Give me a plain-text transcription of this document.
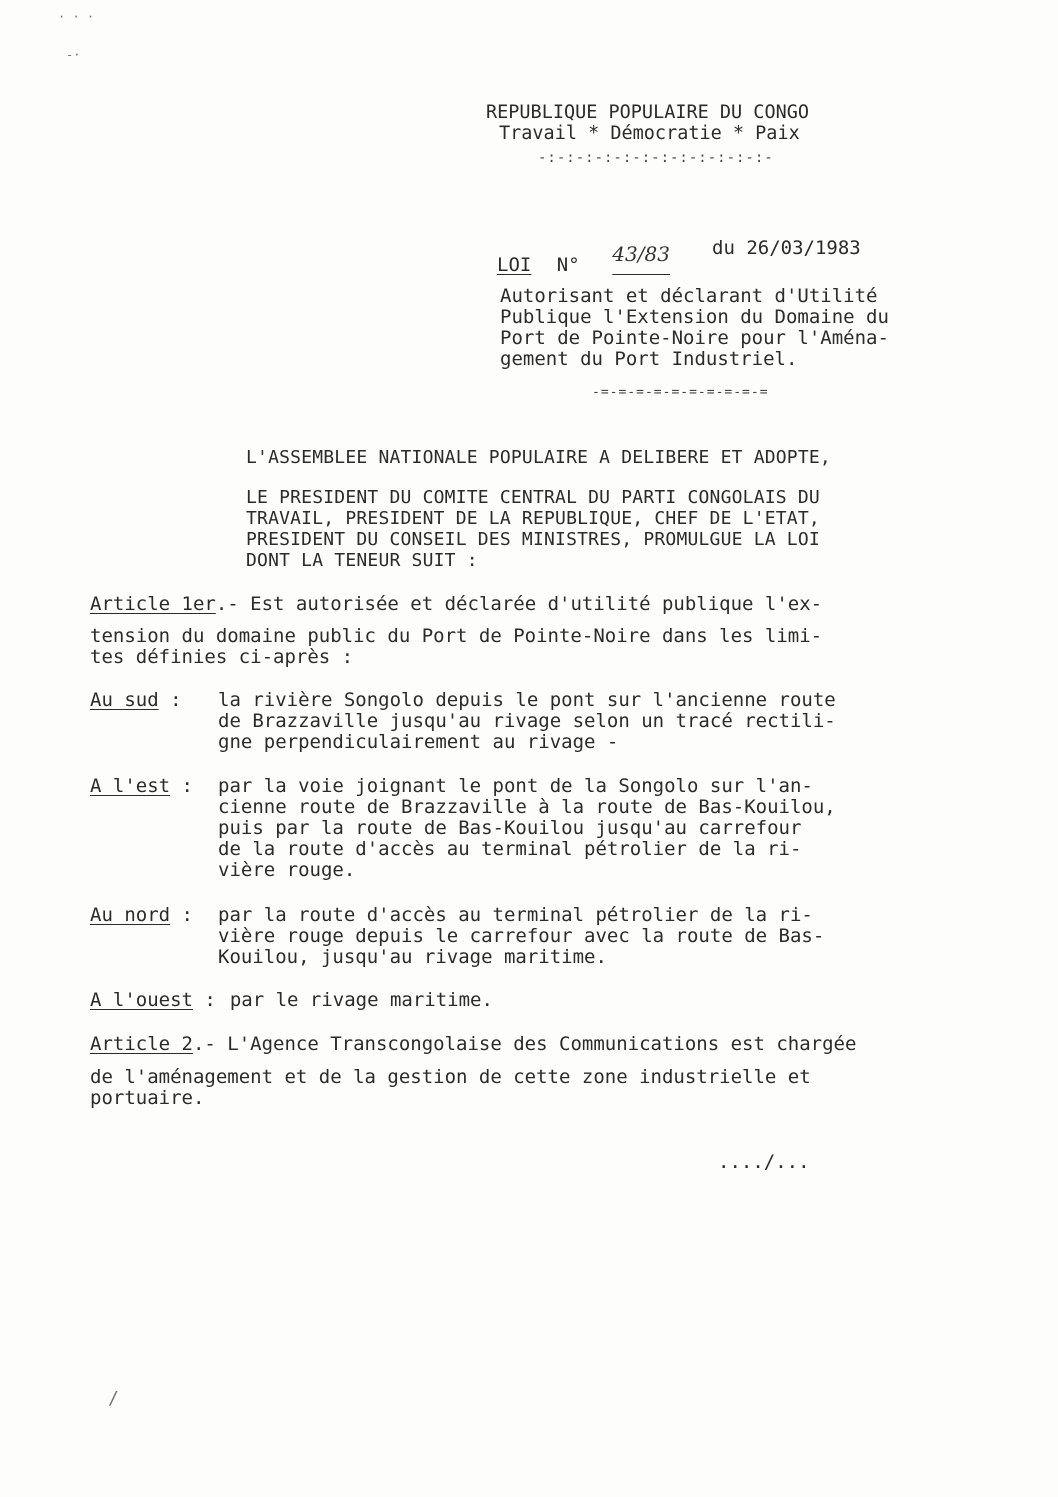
· · ·
-·
/
REPUBLIQUE POPULAIRE DU CONGO
Travail * Démocratie * Paix
-:-:-:-:-:-:-:-:-:-:-:-:-
LOI N° 43/83	du 26/03/1983
Autorisant et déclarant d'Utilité
Publique l'Extension du Domaine du
Port de Pointe-Noire pour l'Aména-
gement du Port Industriel.
-=-=-=-=-=-=-=-=-=-=
L'ASSEMBLEE NATIONALE POPULAIRE A DELIBERE ET ADOPTE,
LE PRESIDENT DU COMITE CENTRAL DU PARTI CONGOLAIS DU
TRAVAIL, PRESIDENT DE LA REPUBLIQUE, CHEF DE L'ETAT,
PRESIDENT DU CONSEIL DES MINISTRES, PROMULGUE LA LOI
DONT LA TENEUR SUIT :
Article 1er.- Est autorisée et déclarée d'utilité publique l'ex-
tension du domaine public du Port de Pointe-Noire dans les limi-
tes définies ci-après :
Au sud : la rivière Songolo depuis le pont sur l'ancienne route
de Brazzaville jusqu'au rivage selon un tracé rectili-
gne perpendiculairement au rivage -
A l'est : par la voie joignant le pont de la Songolo sur l'an-
cienne route de Brazzaville à la route de Bas-Kouilou,
puis par la route de Bas-Kouilou jusqu'au carrefour
de la route d'accès au terminal pétrolier de la ri-
vière rouge.
Au nord : par la route d'accès au terminal pétrolier de la ri-
vière rouge depuis le carrefour avec la route de Bas-
Kouilou, jusqu'au rivage maritime.
A l'ouest : par le rivage maritime.
Article 2.- L'Agence Transcongolaise des Communications est chargée
de l'aménagement et de la gestion de cette zone industrielle et
portuaire.
..../...
